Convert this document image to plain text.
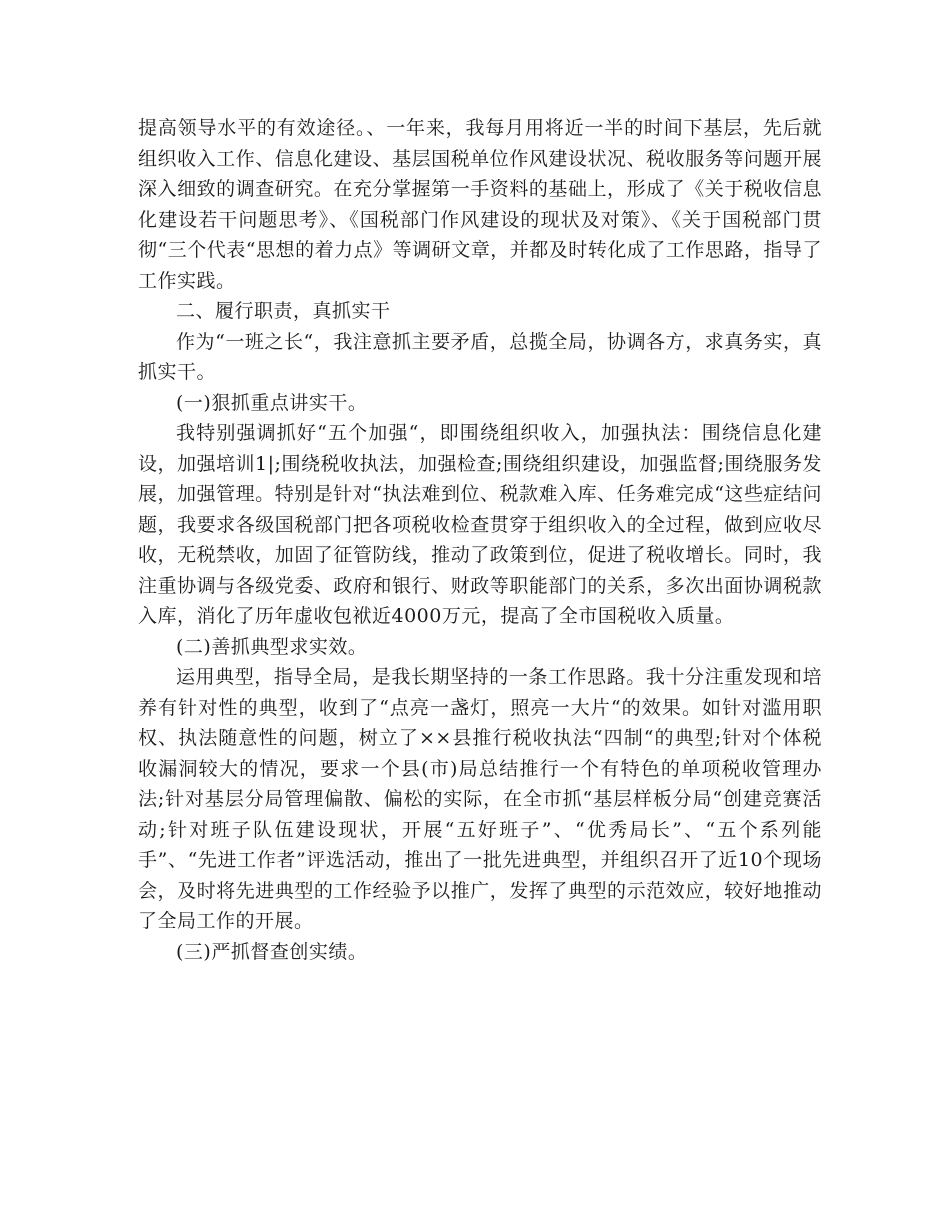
提高领导水平的有效途径。、一年来，我每月用将近一半的时间下基层，先后就组织收入工作、信息化建设、基层国税单位作风建设状况、税收服务等问题开展深入细致的调查研究。在充分掌握第一手资料的基础上，形成了《关于税收信息化建设若干问题思考》、《国税部门作风建设的现状及对策》、《关于国税部门贯彻“三个代表“思想的着力点》等调研文章，并都及时转化成了工作思路，指导了工作实践。

二、履行职责，真抓实干

作为“一班之长“，我注意抓主要矛盾，总揽全局，协调各方，求真务实，真抓实干。

(一)狠抓重点讲实干。

我特别强调抓好“五个加强“，即围绕组织收入，加强执法：围绕信息化建设，加强培训1|;围绕税收执法，加强检查;围绕组织建设，加强监督;围绕服务发展，加强管理。特别是针对“执法难到位、税款难入库、任务难完成“这些症结问题，我要求各级国税部门把各项税收检查贯穿于组织收入的全过程，做到应收尽收，无税禁收，加固了征管防线，推动了政策到位，促进了税收增长。同时，我注重协调与各级党委、政府和银行、财政等职能部门的关系，多次出面协调税款入库，消化了历年虚收包袱近4000万元，提高了全市国税收入质量。

(二)善抓典型求实效。

运用典型，指导全局，是我长期坚持的一条工作思路。我十分注重发现和培养有针对性的典型，收到了“点亮一盏灯，照亮一大片“的效果。如针对滥用职权、执法随意性的问题，树立了××县推行税收执法“四制“的典型;针对个体税收漏洞较大的情况，要求一个县(市)局总结推行一个有特色的单项税收管理办法;针对基层分局管理偏散、偏松的实际，在全市抓“基层样板分局“创建竞赛活动;针对班子队伍建设现状，开展“五好班子”、“优秀局长”、“五个系列能手”、“先进工作者”评选活动，推出了一批先进典型，并组织召开了近10个现场会，及时将先进典型的工作经验予以推广，发挥了典型的示范效应，较好地推动了全局工作的开展。

(三)严抓督查创实绩。
